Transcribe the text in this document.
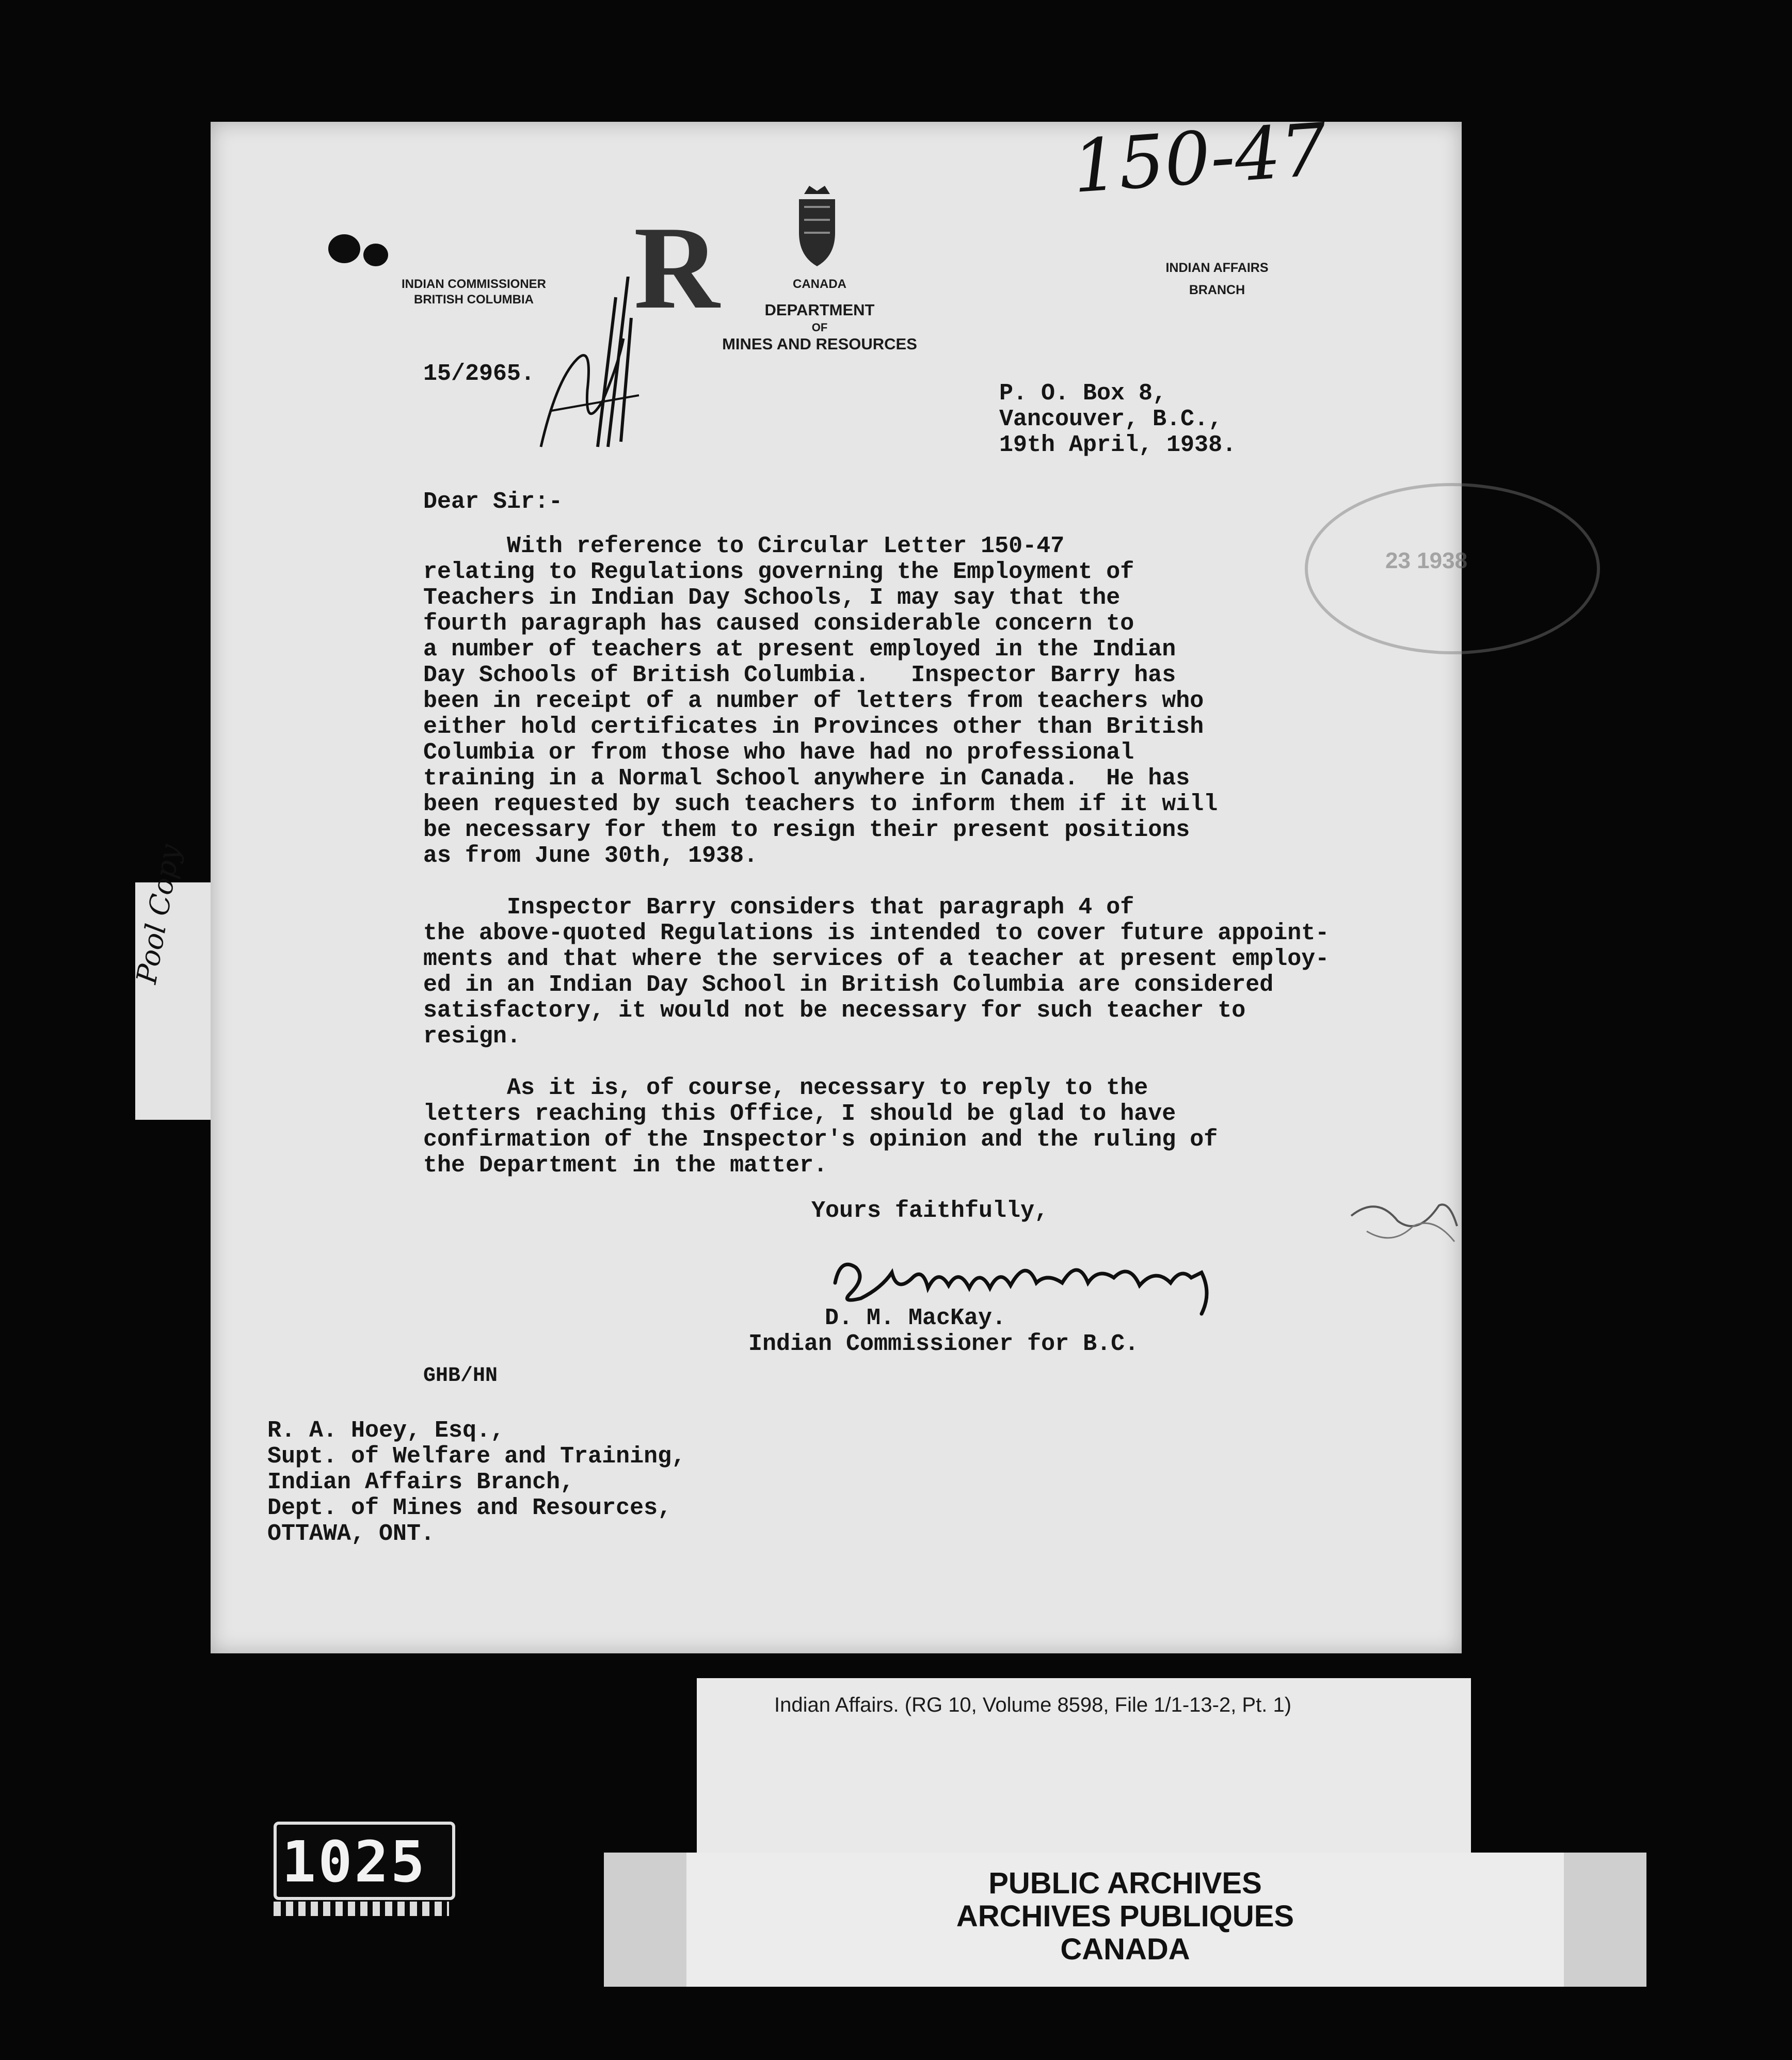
Pool Copy
INDIAN COMMISSIONER
BRITISH COLUMBIA R	CANADA
DEPARTMENT
OF
MINES AND RESOURCES
INDIAN AFFAIRS
BRANCH
150-47
15/2965.
P. O. Box 8,
Vancouver, B.C.,
19th April, 1938.
23 1938
Dear Sir:-
With reference to Circular Letter 150-47
relating to Regulations governing the Employment of
Teachers in Indian Day Schools, I may say that the
fourth paragraph has caused considerable concern to
a number of teachers at present employed in the Indian
Day Schools of British Columbia.   Inspector Barry has
been in receipt of a number of letters from teachers who
either hold certificates in Provinces other than British
Columbia or from those who have had no professional
training in a Normal School anywhere in Canada.  He has
been requested by such teachers to inform them if it will
be necessary for them to resign their present positions
as from June 30th, 1938.
Inspector Barry considers that paragraph 4 of
the above-quoted Regulations is intended to cover future appoint-
ments and that where the services of a teacher at present employ-
ed in an Indian Day School in British Columbia are considered
satisfactory, it would not be necessary for such teacher to
resign.
As it is, of course, necessary to reply to the
letters reaching this Office, I should be glad to have
confirmation of the Inspector's opinion and the ruling of
the Department in the matter.
Yours faithfully,
D. M. MacKay.
Indian Commissioner for B.C.
GHB/HN
R. A. Hoey, Esq.,
Supt. of Welfare and Training,
Indian Affairs Branch,
Dept. of Mines and Resources,
OTTAWA, ONT.
Indian Affairs. (RG 10, Volume 8598, File 1/1-13-2, Pt. 1)
PUBLIC ARCHIVES
ARCHIVES PUBLIQUES
CANADA
1025
